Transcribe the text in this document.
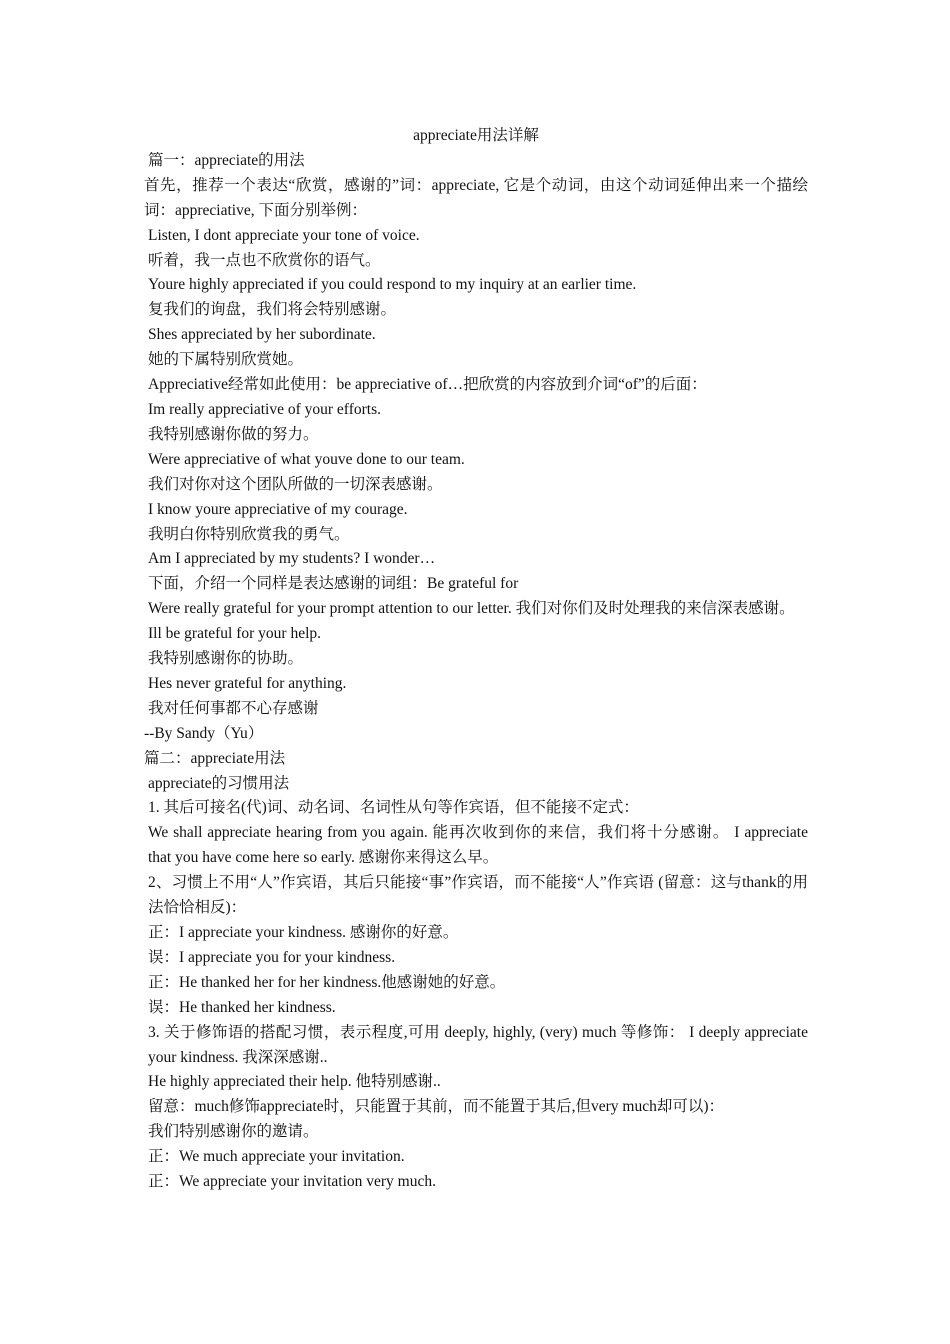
appreciate用法详解

篇一：appreciate的用法

首先，推荐一个表达“欣赏，感谢的”词：appreciate, 它是个动词，由这个动词延伸出来一个描绘词：appreciative, 下面分别举例：

Listen, I dont appreciate your tone of voice.

听着，我一点也不欣赏你的语气。

Youre highly appreciated if you could respond to my inquiry at an earlier time.

复我们的询盘，我们将会特别感谢。

Shes appreciated by her subordinate.

她的下属特别欣赏她。

Appreciative经常如此使用：be appreciative of…把欣赏的内容放到介词“of”的后面：

Im really appreciative of your efforts.

我特别感谢你做的努力。

Were appreciative of what youve done to our team.

我们对你对这个团队所做的一切深表感谢。

I know youre appreciative of my courage.

我明白你特别欣赏我的勇气。

Am I appreciated by my students? I wonder…

下面，介绍一个同样是表达感谢的词组：Be grateful for

Were really grateful for your prompt attention to our letter. 我们对你们及时处理我的来信深表感谢。

Ill be grateful for your help.

我特别感谢你的协助。

Hes never grateful for anything.

我对任何事都不心存感谢

--By Sandy（Yu）

篇二：appreciate用法

appreciate的习惯用法

1. 其后可接名(代)词、动名词、名词性从句等作宾语，但不能接不定式：

We shall appreciate hearing from you again. 能再次收到你的来信，我们将十分感谢。 I appreciate that you have come here so early. 感谢你来得这么早。

2、习惯上不用“人”作宾语，其后只能接“事”作宾语，而不能接“人”作宾语 (留意：这与thank的用法恰恰相反)：

正：I appreciate your kindness. 感谢你的好意。

误：I appreciate you for your kindness.

正：He thanked her for her kindness.他感谢她的好意。

误：He thanked her kindness.

3. 关于修饰语的搭配习惯，表示程度,可用 deeply, highly, (very) much 等修饰： I deeply appreciate your kindness. 我深深感谢..

He highly appreciated their help. 他特别感谢..

留意：much修饰appreciate时，只能置于其前，而不能置于其后,但very much却可以)：

我们特别感谢你的邀请。

正：We much appreciate your invitation.

正：We appreciate your invitation very much.
